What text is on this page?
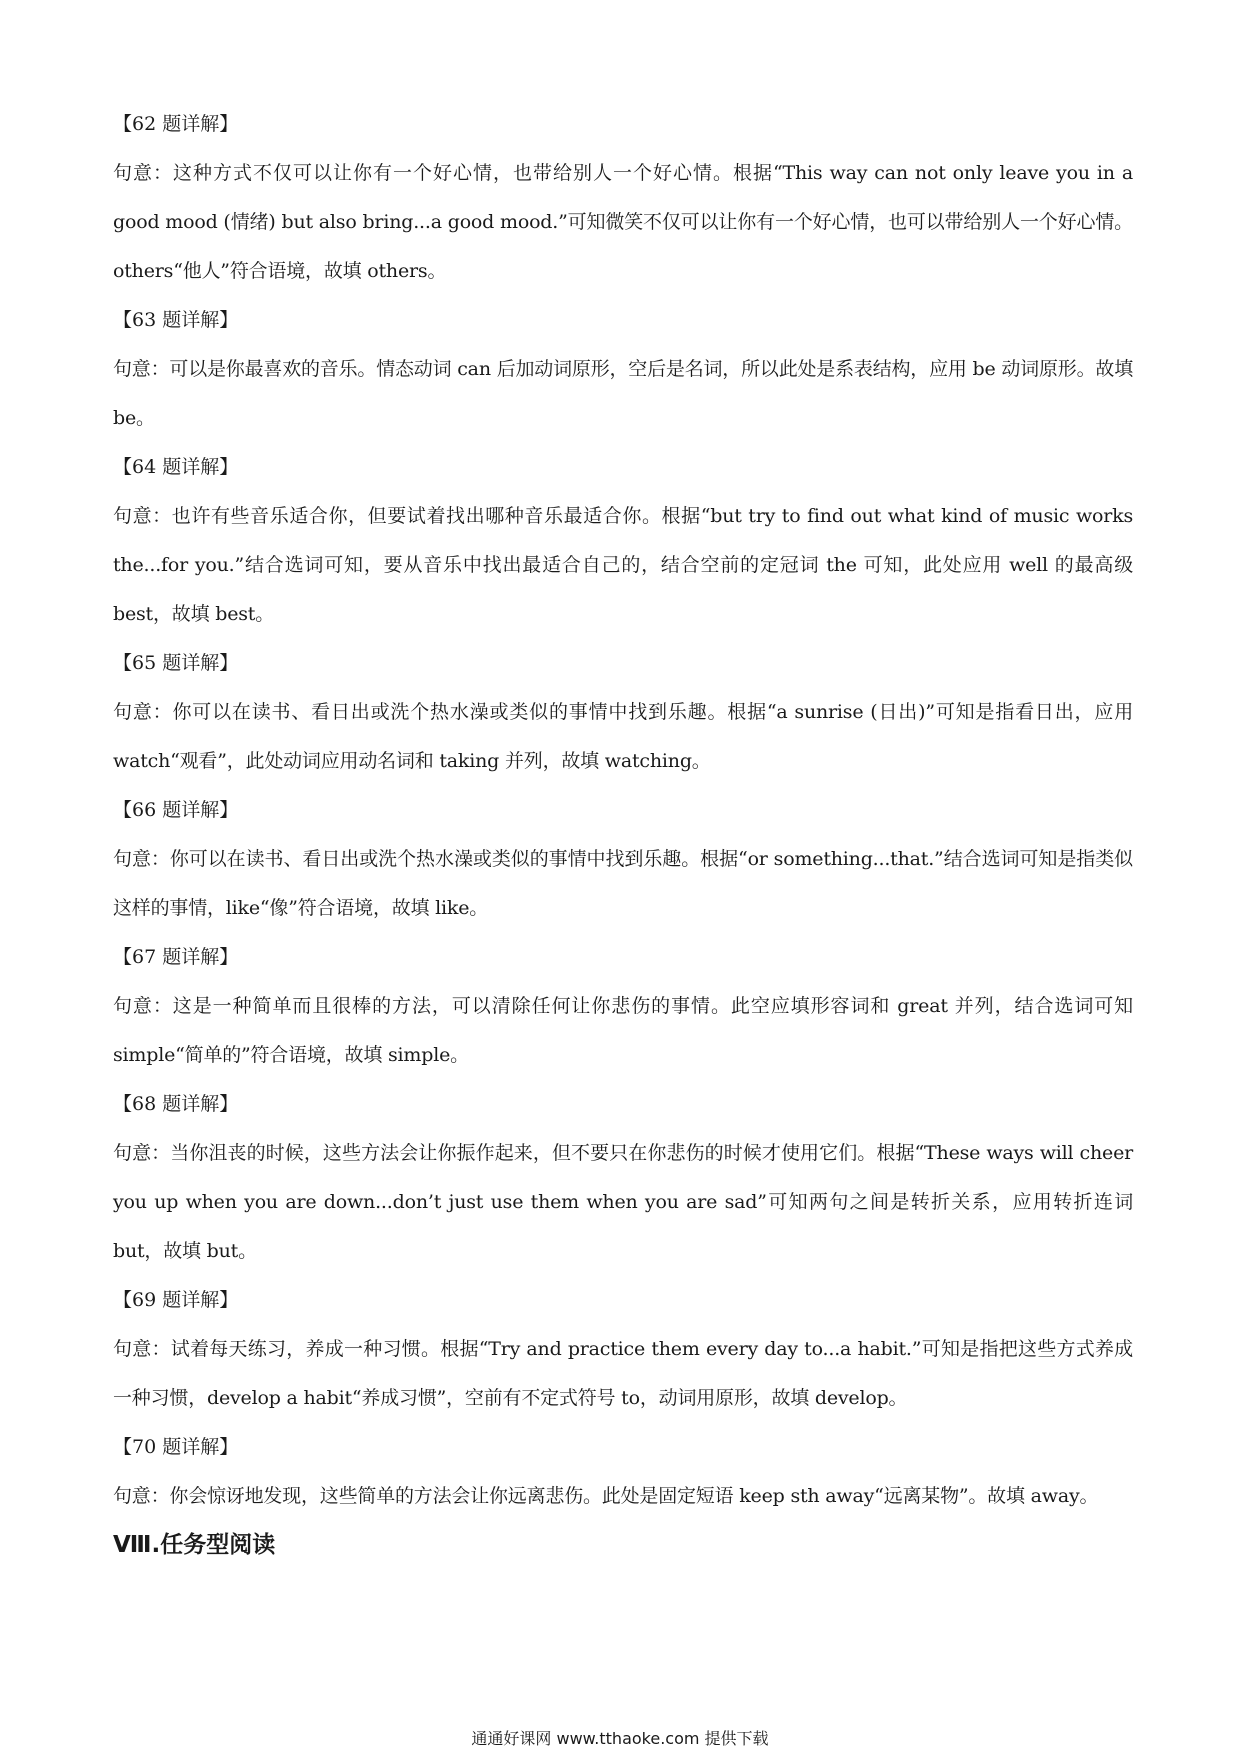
【62 题详解】

句意：这种方式不仅可以让你有一个好心情，也带给别人一个好心情。根据“This way can not only leave you in a good mood (情绪) but also bring...a good mood.”可知微笑不仅可以让你有一个好心情，也可以带给别人一个好心情。others“他人”符合语境，故填 others。

【63 题详解】

句意：可以是你最喜欢的音乐。情态动词 can 后加动词原形，空后是名词，所以此处是系表结构，应用 be 动词原形。故填 be。

【64 题详解】

句意：也许有些音乐适合你，但要试着找出哪种音乐最适合你。根据“but try to find out what kind of music works the...for you.”结合选词可知，要从音乐中找出最适合自己的，结合空前的定冠词 the 可知，此处应用 well 的最高级 best，故填 best。

【65 题详解】

句意：你可以在读书、看日出或洗个热水澡或类似的事情中找到乐趣。根据“a sunrise (日出)”可知是指看日出，应用 watch“观看”，此处动词应用动名词和 taking 并列，故填 watching。

【66 题详解】

句意：你可以在读书、看日出或洗个热水澡或类似的事情中找到乐趣。根据“or something...that.”结合选词可知是指类似这样的事情，like“像”符合语境，故填 like。

【67 题详解】

句意：这是一种简单而且很棒的方法，可以清除任何让你悲伤的事情。此空应填形容词和 great 并列，结合选词可知 simple“简单的”符合语境，故填 simple。

【68 题详解】

句意：当你沮丧的时候，这些方法会让你振作起来，但不要只在你悲伤的时候才使用它们。根据“These ways will cheer you up when you are down...don’t just use them when you are sad”可知两句之间是转折关系，应用转折连词 but，故填 but。

【69 题详解】

句意：试着每天练习，养成一种习惯。根据“Try and practice them every day to...a habit.”可知是指把这些方式养成一种习惯，develop a habit“养成习惯”，空前有不定式符号 to，动词用原形，故填 develop。

【70 题详解】

句意：你会惊讶地发现，这些简单的方法会让你远离悲伤。此处是固定短语 keep sth away“远离某物”。故填 away。

Ⅷ.任务型阅读
通通好课网 www.tthaoke.com 提供下载
